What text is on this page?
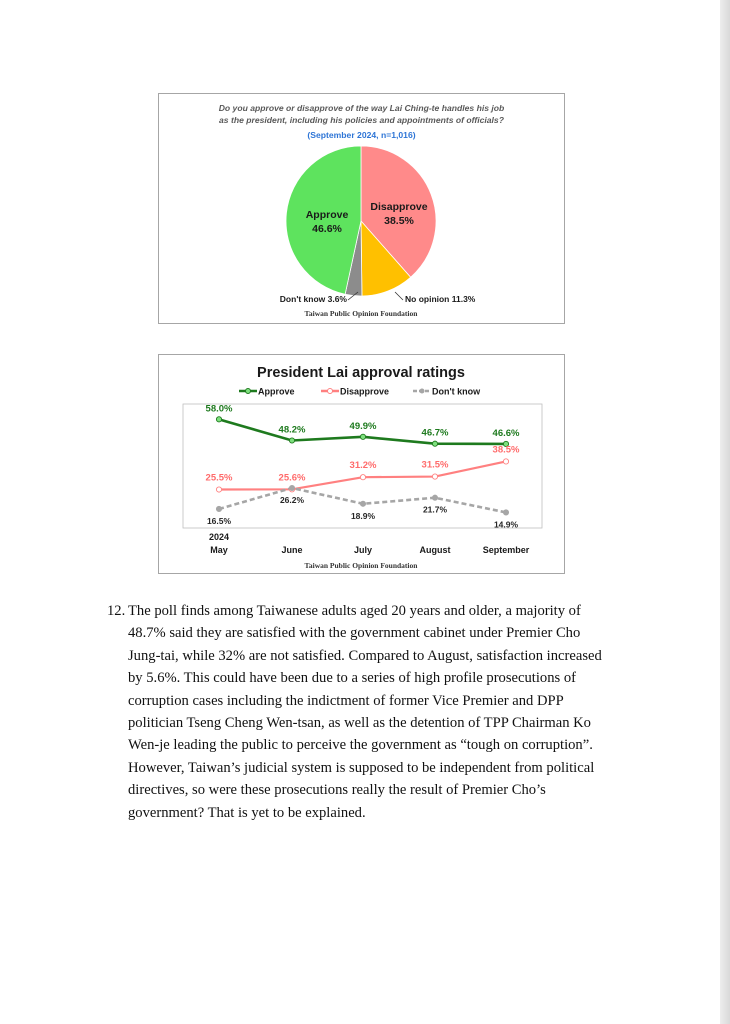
Do you approve or disapprove of the way Lai Ching-te handles his job
as the president, including his policies and appointments of officials?
(September 2024, n=1,016)
Approve
46.6%
Disapprove
38.5%
Don't know 3.6%	No opinion 11.3%
Taiwan Public Opinion Foundation
President Lai approval ratings
Approve	Disapprove	Don't know
58.0%
48.2%	49.9%
46.7%	46.6%
25.5%	25.6%
31.2%	31.5%
38.5%
16.5%
26.2%
18.9%
21.7%
14.9%
May	June	July	August	September
2024
Taiwan Public Opinion Foundation
12. The poll finds among Taiwanese adults aged 20 years and older, a majority of
48.7% said they are satisfied with the government cabinet under Premier Cho
Jung-tai, while 32% are not satisfied. Compared to August, satisfaction increased
by 5.6%. This could have been due to a series of high profile prosecutions of
corruption cases including the indictment of former Vice Premier and DPP
politician Tseng Cheng Wen-tsan, as well as the detention of TPP Chairman Ko
Wen-je leading the public to perceive the government as “tough on corruption”.
However, Taiwan’s judicial system is supposed to be independent from political
directives, so were these prosecutions really the result of Premier Cho’s
government? That is yet to be explained.
